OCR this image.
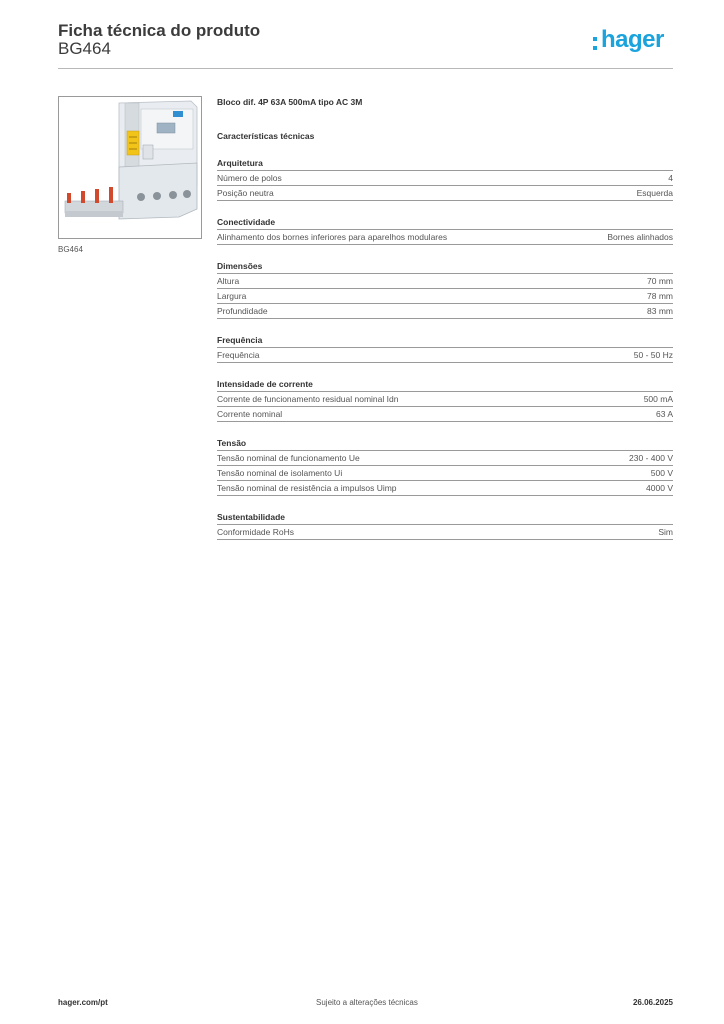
Ficha técnica do produto
BG464	hager
BG464
Bloco dif. 4P 63A 500mA tipo AC 3M
Características técnicas
Arquitetura
Número de polos	4
Posição neutra	Esquerda
Conectividade
Alinhamento dos bornes inferiores para aparelhos modulares	Bornes alinhados
Dimensões
Altura	70 mm
Largura	78 mm
Profundidade	83 mm
Frequência
Frequência	50 - 50 Hz
Intensidade de corrente
Corrente de funcionamento residual nominal Idn	500 mA
Corrente nominal	63 A
Tensão
Tensão nominal de funcionamento Ue	230 - 400 V
Tensão nominal de isolamento Ui	500 V
Tensão nominal de resistência a impulsos Uimp	4000 V
Sustentabilidade
Conformidade RoHs	Sim
hager.com/pt	Sujeito a alterações técnicas	26.06.2025
